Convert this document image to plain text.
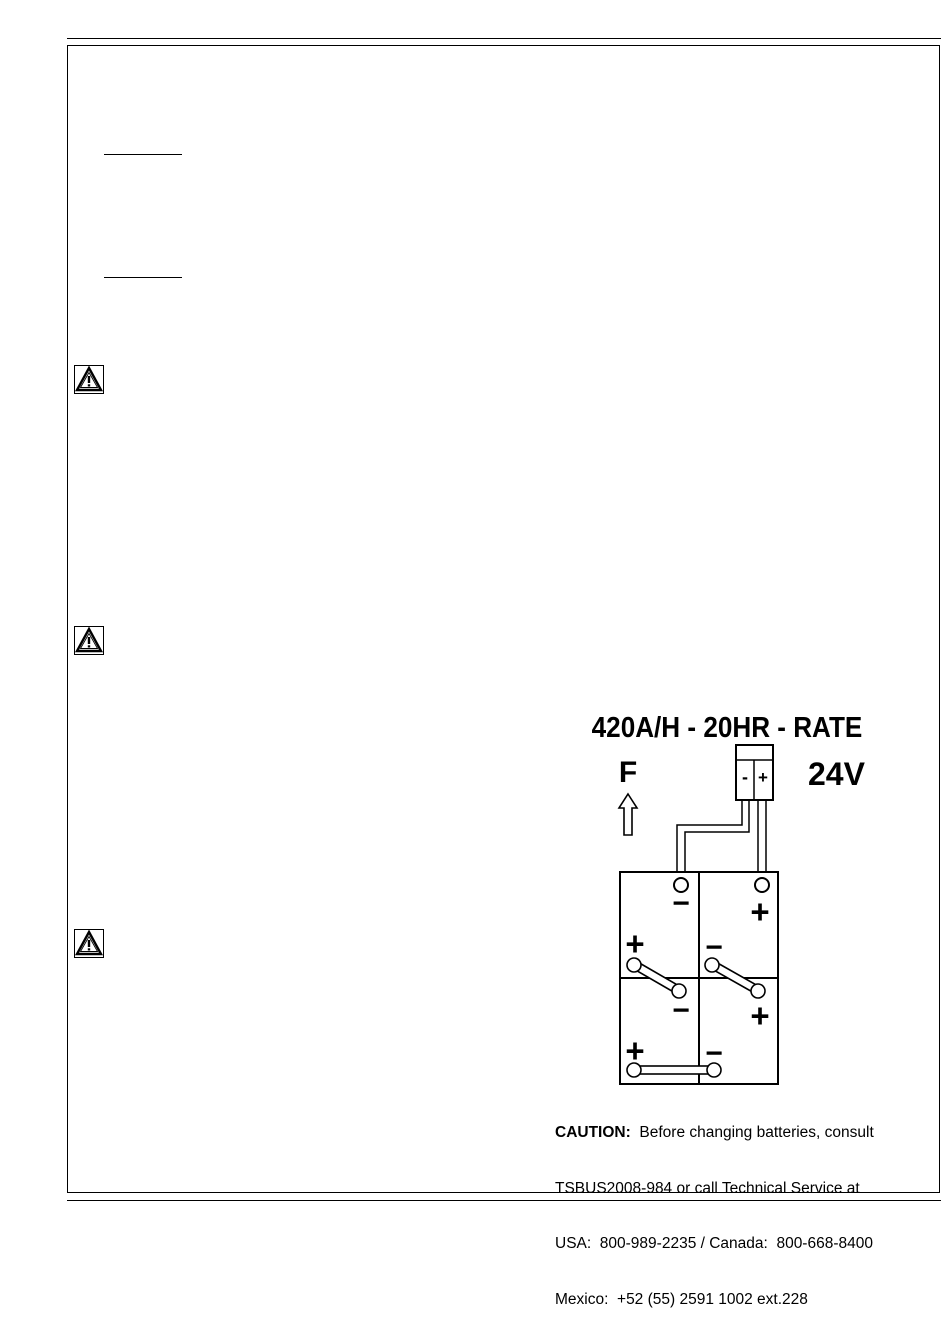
420A/H - 20HR - RATE
F	24V
- +
− +
+ −
− +
+ −

CAUTION:  Before changing batteries, consult

TSBUS2008-984 or call Technical Service at

USA:  800-989-2235 / Canada:  800-668-8400

Mexico:  +52 (55) 2591 1002 ext.228
